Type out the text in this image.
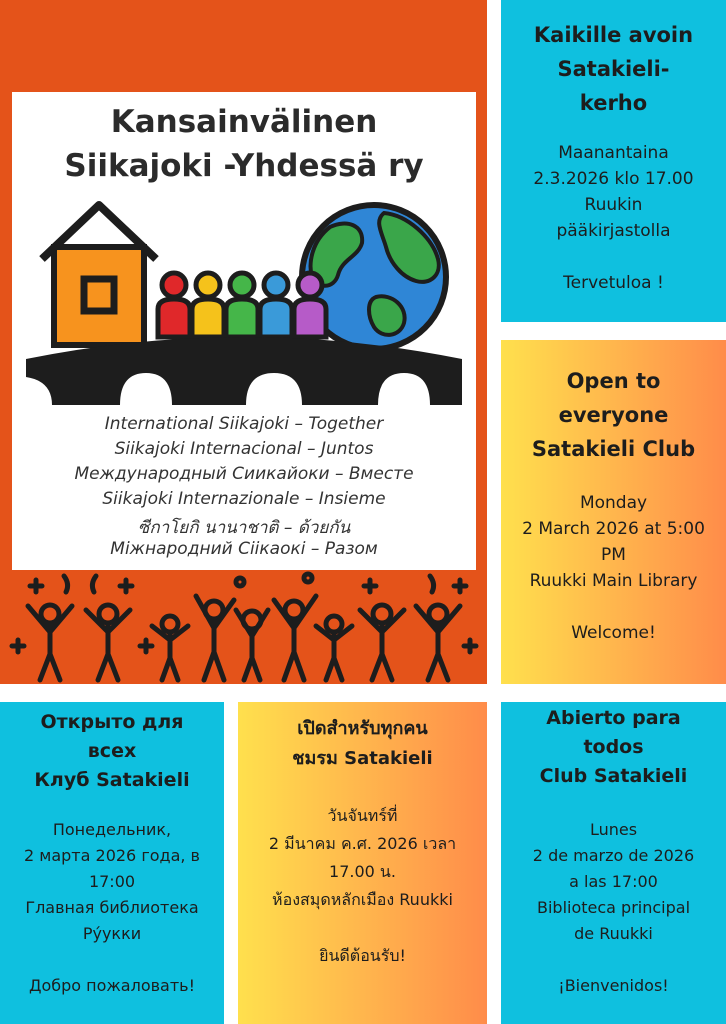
Kansainvälinen
Siikajoki -Yhdessä ry
International Siikajoki – Together
Siikajoki Internacional – Juntos
Международный Сиикайоки – Вместе
Siikajoki Internazionale – Insieme
ซีกาโยกิ นานาชาติ – ด้วยกัน
Міжнародний Сіікаокі – Разом
Kaikille avoin
Satakieli-
kerho
Maanantaina
2.3.2026 klo 17.00
Ruukin
pääkirjastolla
Tervetuloa !
Open to
everyone
Satakieli Club
Monday
2 March 2026 at 5:00
PM
Ruukki Main Library
Welcome!
Открыто для
всех
Клуб Satakieli
Понедельник,
2 марта 2026 года, в
17:00
Главная библиотека
Рýукки
Добро пожаловать!
เปิดสำหรับทุกคน
ชมรม Satakieli
วันจันทร์ที่
2 มีนาคม ค.ศ. 2026 เวลา
17.00 น.
ห้องสมุดหลักเมือง Ruukki
ยินดีต้อนรับ!
Abierto para
todos
Club Satakieli
Lunes
2 de marzo de 2026
a las 17:00
Biblioteca principal
de Ruukki
¡Bienvenidos!
